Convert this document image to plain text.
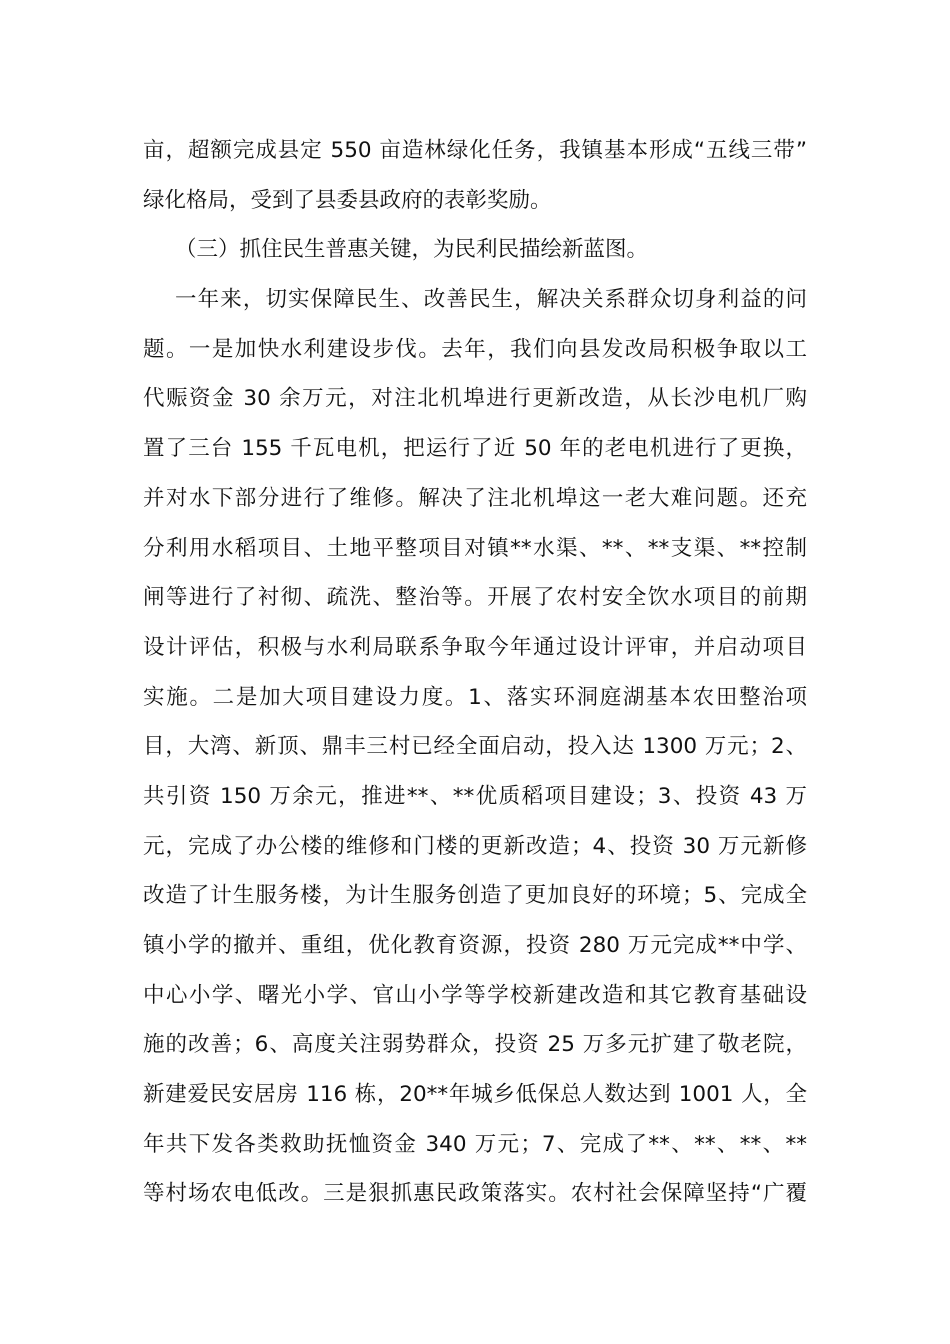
亩，超额完成县定 550 亩造林绿化任务，我镇基本形成“五线三带”
绿化格局，受到了县委县政府的表彰奖励。
（三）抓住民生普惠关键，为民利民描绘新蓝图。
一年来，切实保障民生、改善民生，解决关系群众切身利益的问
题。一是加快水利建设步伐。去年，我们向县发改局积极争取以工
代赈资金 30 余万元，对注北机埠进行更新改造，从长沙电机厂购
置了三台 155 千瓦电机，把运行了近 50 年的老电机进行了更换，
并对水下部分进行了维修。解决了注北机埠这一老大难问题。还充
分利用水稻项目、土地平整项目对镇**水渠、**、**支渠、**控制
闸等进行了衬彻、疏洗、整治等。开展了农村安全饮水项目的前期
设计评估，积极与水利局联系争取今年通过设计评审，并启动项目
实施。二是加大项目建设力度。1、落实环洞庭湖基本农田整治项
目，大湾、新顶、鼎丰三村已经全面启动，投入达 1300 万元；2、
共引资 150 万余元，推进**、**优质稻项目建设；3、投资 43 万
元，完成了办公楼的维修和门楼的更新改造；4、投资 30 万元新修
改造了计生服务楼，为计生服务创造了更加良好的环境；5、完成全
镇小学的撤并、重组，优化教育资源，投资 280 万元完成**中学、
中心小学、曙光小学、官山小学等学校新建改造和其它教育基础设
施的改善；6、高度关注弱势群众，投资 25 万多元扩建了敬老院，
新建爱民安居房 116 栋，20**年城乡低保总人数达到 1001 人，全
年共下发各类救助抚恤资金 340 万元；7、完成了**、**、**、**
等村场农电低改。三是狠抓惠民政策落实。农村社会保障坚持“广覆
